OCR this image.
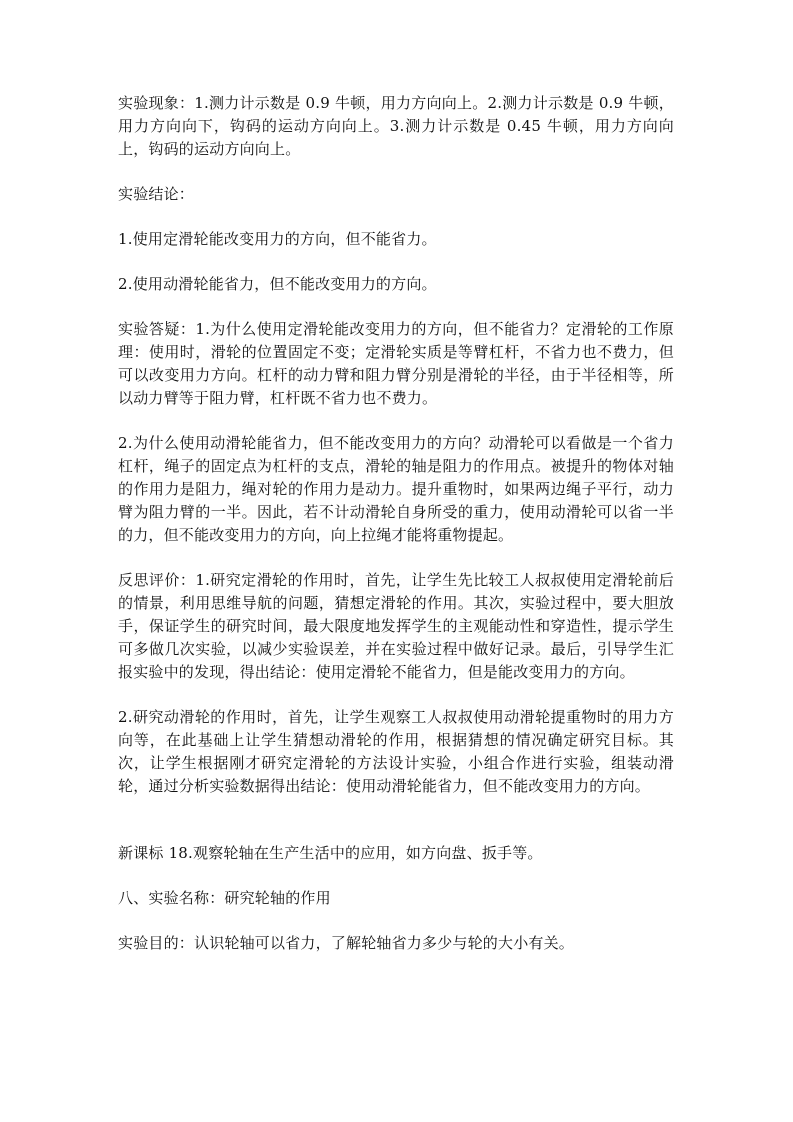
实验现象：1.测力计示数是 0.9 牛顿，用力方向向上。2.测力计示数是 0.9 牛顿，用力方向向下，钩码的运动方向向上。3.测力计示数是 0.45 牛顿，用力方向向上，钩码的运动方向向上。

实验结论：

1.使用定滑轮能改变用力的方向，但不能省力。

2.使用动滑轮能省力，但不能改变用力的方向。

实验答疑：1.为什么使用定滑轮能改变用力的方向，但不能省力？定滑轮的工作原理：使用时，滑轮的位置固定不变；定滑轮实质是等臂杠杆，不省力也不费力，但可以改变用力方向。杠杆的动力臂和阻力臂分别是滑轮的半径，由于半径相等，所以动力臂等于阻力臂，杠杆既不省力也不费力。

2.为什么使用动滑轮能省力，但不能改变用力的方向？动滑轮可以看做是一个省力杠杆，绳子的固定点为杠杆的支点，滑轮的轴是阻力的作用点。被提升的物体对轴的作用力是阻力，绳对轮的作用力是动力。提升重物时，如果两边绳子平行，动力臂为阻力臂的一半。因此，若不计动滑轮自身所受的重力，使用动滑轮可以省一半的力，但不能改变用力的方向，向上拉绳才能将重物提起。

反思评价：1.研究定滑轮的作用时，首先，让学生先比较工人叔叔使用定滑轮前后的情景，利用思维导航的问题，猜想定滑轮的作用。其次，实验过程中，要大胆放手，保证学生的研究时间，最大限度地发挥学生的主观能动性和穿造性，提示学生可多做几次实验，以减少实验误差，并在实验过程中做好记录。最后，引导学生汇报实验中的发现，得出结论：使用定滑轮不能省力，但是能改变用力的方向。

2.研究动滑轮的作用时，首先，让学生观察工人叔叔使用动滑轮提重物时的用力方向等，在此基础上让学生猜想动滑轮的作用，根据猜想的情况确定研究目标。其次，让学生根据刚才研究定滑轮的方法设计实验，小组合作进行实验，组装动滑轮，通过分析实验数据得出结论：使用动滑轮能省力，但不能改变用力的方向。

新课标 18.观察轮轴在生产生活中的应用，如方向盘、扳手等。

八、实验名称：研究轮轴的作用

实验目的：认识轮轴可以省力，了解轮轴省力多少与轮的大小有关。
